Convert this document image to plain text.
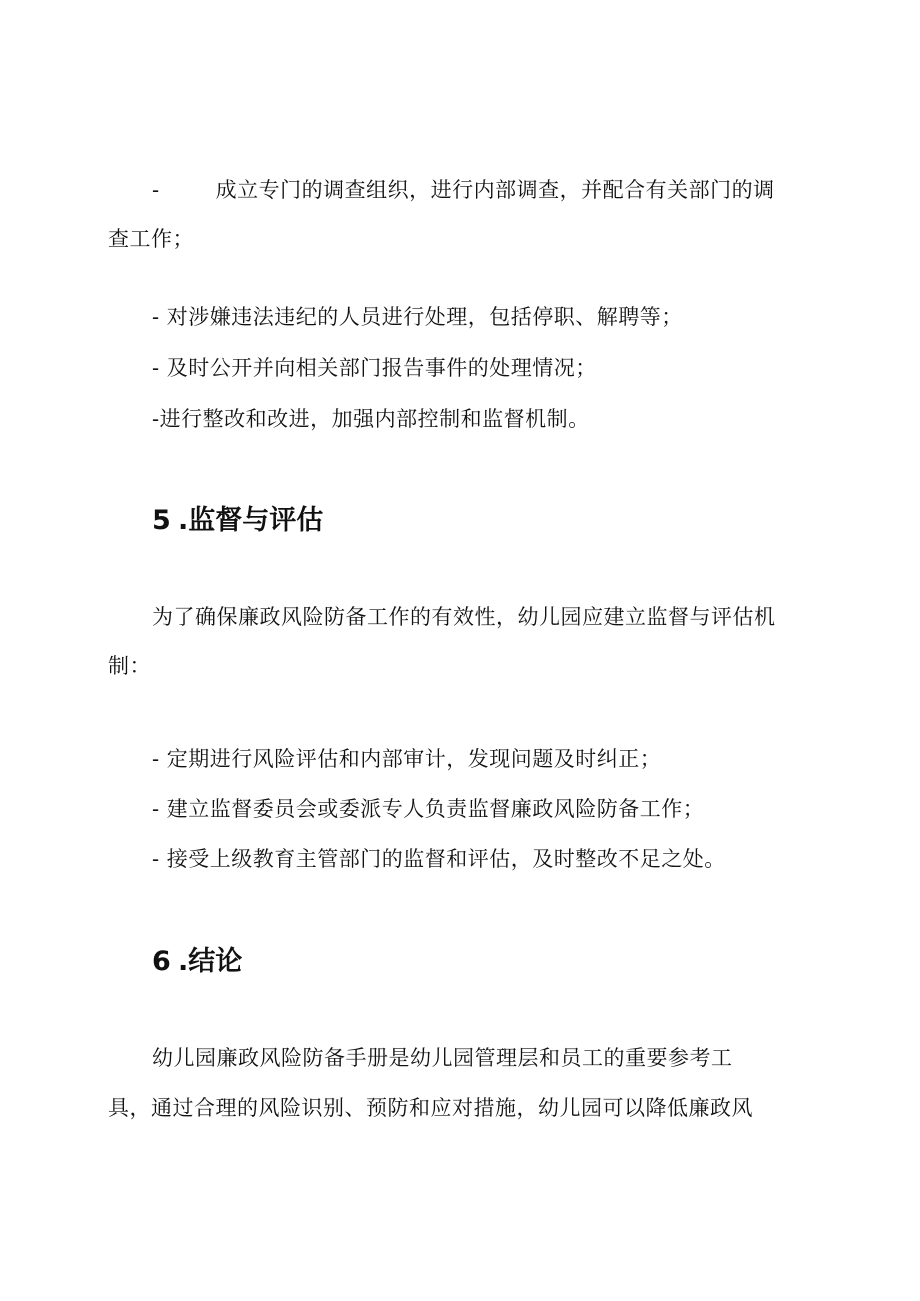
-	成立专门的调查组织，进行内部调查，并配合有关部门的调
查工作；
- 对涉嫌违法违纪的人员进行处理，包括停职、解聘等；
- 及时公开并向相关部门报告事件的处理情况；
-进行整改和改进，加强内部控制和监督机制。
5 .监督与评估
为了确保廉政风险防备工作的有效性，幼儿园应建立监督与评估机
制：
- 定期进行风险评估和内部审计，发现问题及时纠正；
- 建立监督委员会或委派专人负责监督廉政风险防备工作；
- 接受上级教育主管部门的监督和评估，及时整改不足之处。
6 .结论
幼儿园廉政风险防备手册是幼儿园管理层和员工的重要参考工
具，通过合理的风险识别、预防和应对措施，幼儿园可以降低廉政风
